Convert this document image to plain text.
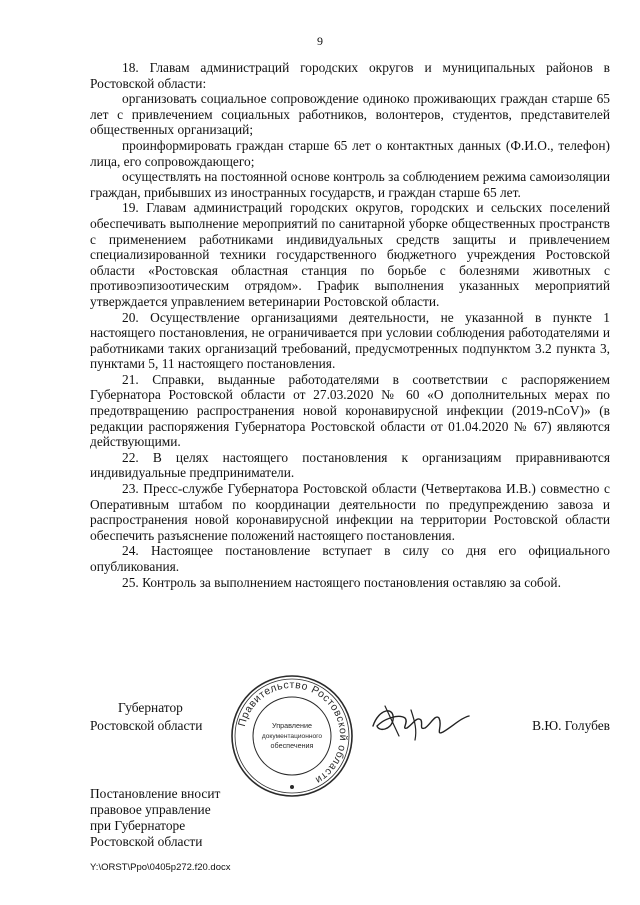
9

18. Главам администраций городских округов и муниципальных районов в Ростовской области:

организовать социальное сопровождение одиноко проживающих граждан старше 65 лет с привлечением социальных работников, волонтеров, студентов, представителей общественных организаций;

проинформировать граждан старше 65 лет о контактных данных (Ф.И.О., телефон) лица, его сопровождающего;

осуществлять на постоянной основе контроль за соблюдением режима самоизоляции граждан, прибывших из иностранных государств, и граждан старше 65 лет.

19. Главам администраций городских округов, городских и сельских поселений обеспечивать выполнение мероприятий по санитарной уборке общественных пространств с применением работниками индивидуальных средств защиты и привлечением специализированной техники государственного бюджетного учреждения Ростовской области «Ростовская областная станция по борьбе с болезнями животных с противоэпизоотическим отрядом». График выполнения указанных мероприятий утверждается управлением ветеринарии Ростовской области.

20. Осуществление организациями деятельности, не указанной в пункте 1 настоящего постановления, не ограничивается при условии соблюдения работодателями и работниками таких организаций требований, предусмотренных подпунктом 3.2 пункта 3, пунктами 5, 11 настоящего постановления.

21. Справки, выданные работодателями в соответствии с распоряжением Губернатора Ростовской области от 27.03.2020 № 60 «О дополнительных мерах по предотвращению распространения новой коронавирусной инфекции (2019-nCoV)» (в редакции распоряжения Губернатора Ростовской области от 01.04.2020 № 67) являются действующими.

22. В целях настоящего постановления к организациям приравниваются индивидуальные предприниматели.

23. Пресс-службе Губернатора Ростовской области (Четвертакова И.В.) совместно с Оперативным штабом по координации деятельности по предупреждению завоза и распространения новой коронавирусной инфекции на территории Ростовской области обеспечить разъяснение положений настоящего постановления.

24. Настоящее постановление вступает в силу со дня его официального опубликования.

25. Контроль за выполнением настоящего постановления оставляю за собой.

Губернатор
Ростовской области	Правительство Ростовской области
Управление
документационного
обеспечения
В.Ю. Голубев
Постановление вносит
правовое управление
при Губернаторе
Ростовской области
Y:\ORST\Ppo\0405p272.f20.docx
